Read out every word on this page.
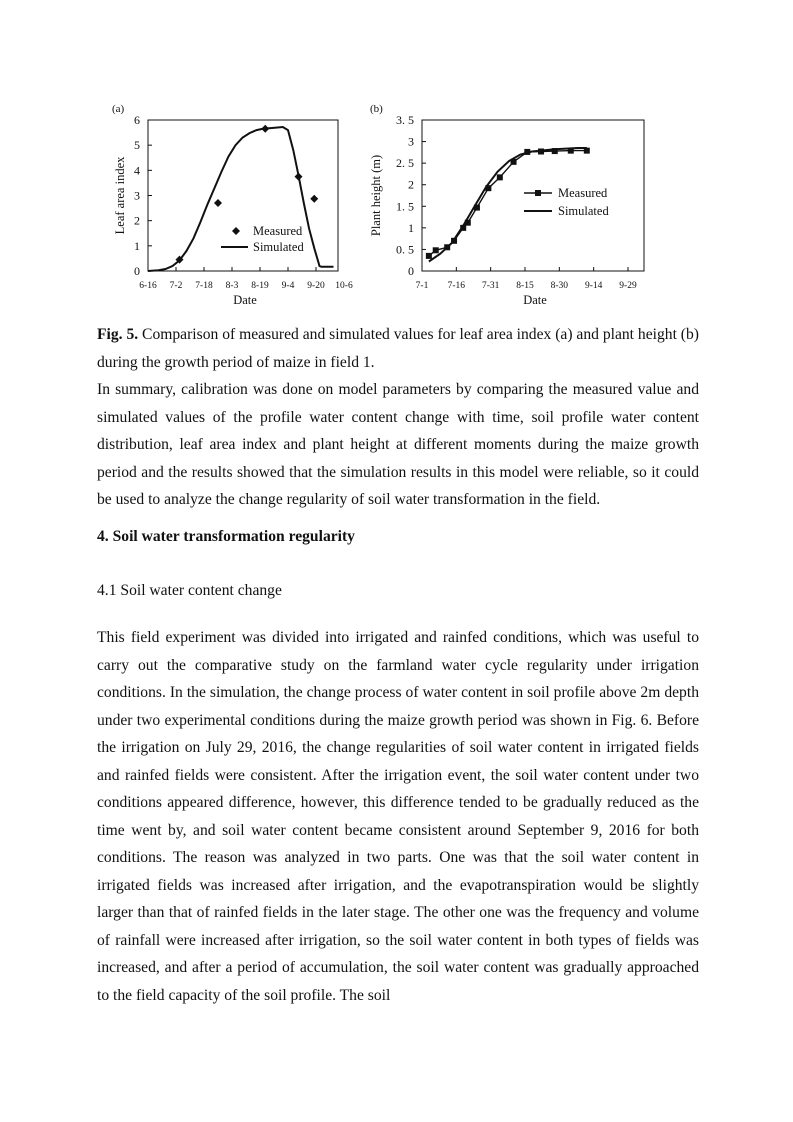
(a)
0
1
2
3
4
5
6
6-16 7-2 7-18 8-3 8-19 9-4 9-20 10-6
Date
Leaf area index	Measured
Simulated
(b)
0
0. 5
1
1. 5
2
2. 5
3
3. 5
7-1 7-16 7-31 8-15 8-30 9-14 9-29
Date
Plant height (m)	Measured
Simulated
Fig. 5. Comparison of measured and simulated values for leaf area index (a) and plant height (b) during the growth period of maize in field 1.
In summary, calibration was done on model parameters by comparing the measured value and simulated values of the profile water content change with time, soil profile water content distribution, leaf area index and plant height at different moments during the maize growth period and the results showed that the simulation results in this model were reliable, so it could be used to analyze the change regularity of soil water transformation in the field.
4. Soil water transformation regularity
4.1 Soil water content change
This field experiment was divided into irrigated and rainfed conditions, which was useful to carry out the comparative study on the farmland water cycle regularity under irrigation conditions. In the simulation, the change process of water content in soil profile above 2m depth under two experimental conditions during the maize growth period was shown in Fig. 6. Before the irrigation on July 29, 2016, the change regularities of soil water content in irrigated fields and rainfed fields were consistent. After the irrigation event, the soil water content under two conditions appeared difference, however, this difference tended to be gradually reduced as the time went by, and soil water content became consistent around September 9, 2016 for both conditions. The reason was analyzed in two parts. One was that the soil water content in irrigated fields was increased after irrigation, and the evapotranspiration would be slightly larger than that of rainfed fields in the later stage. The other one was the frequency and volume of rainfall were increased after irrigation, so the soil water content in both types of fields was increased, and after a period of accumulation, the soil water content was gradually approached to the field capacity of the soil profile. The soil
